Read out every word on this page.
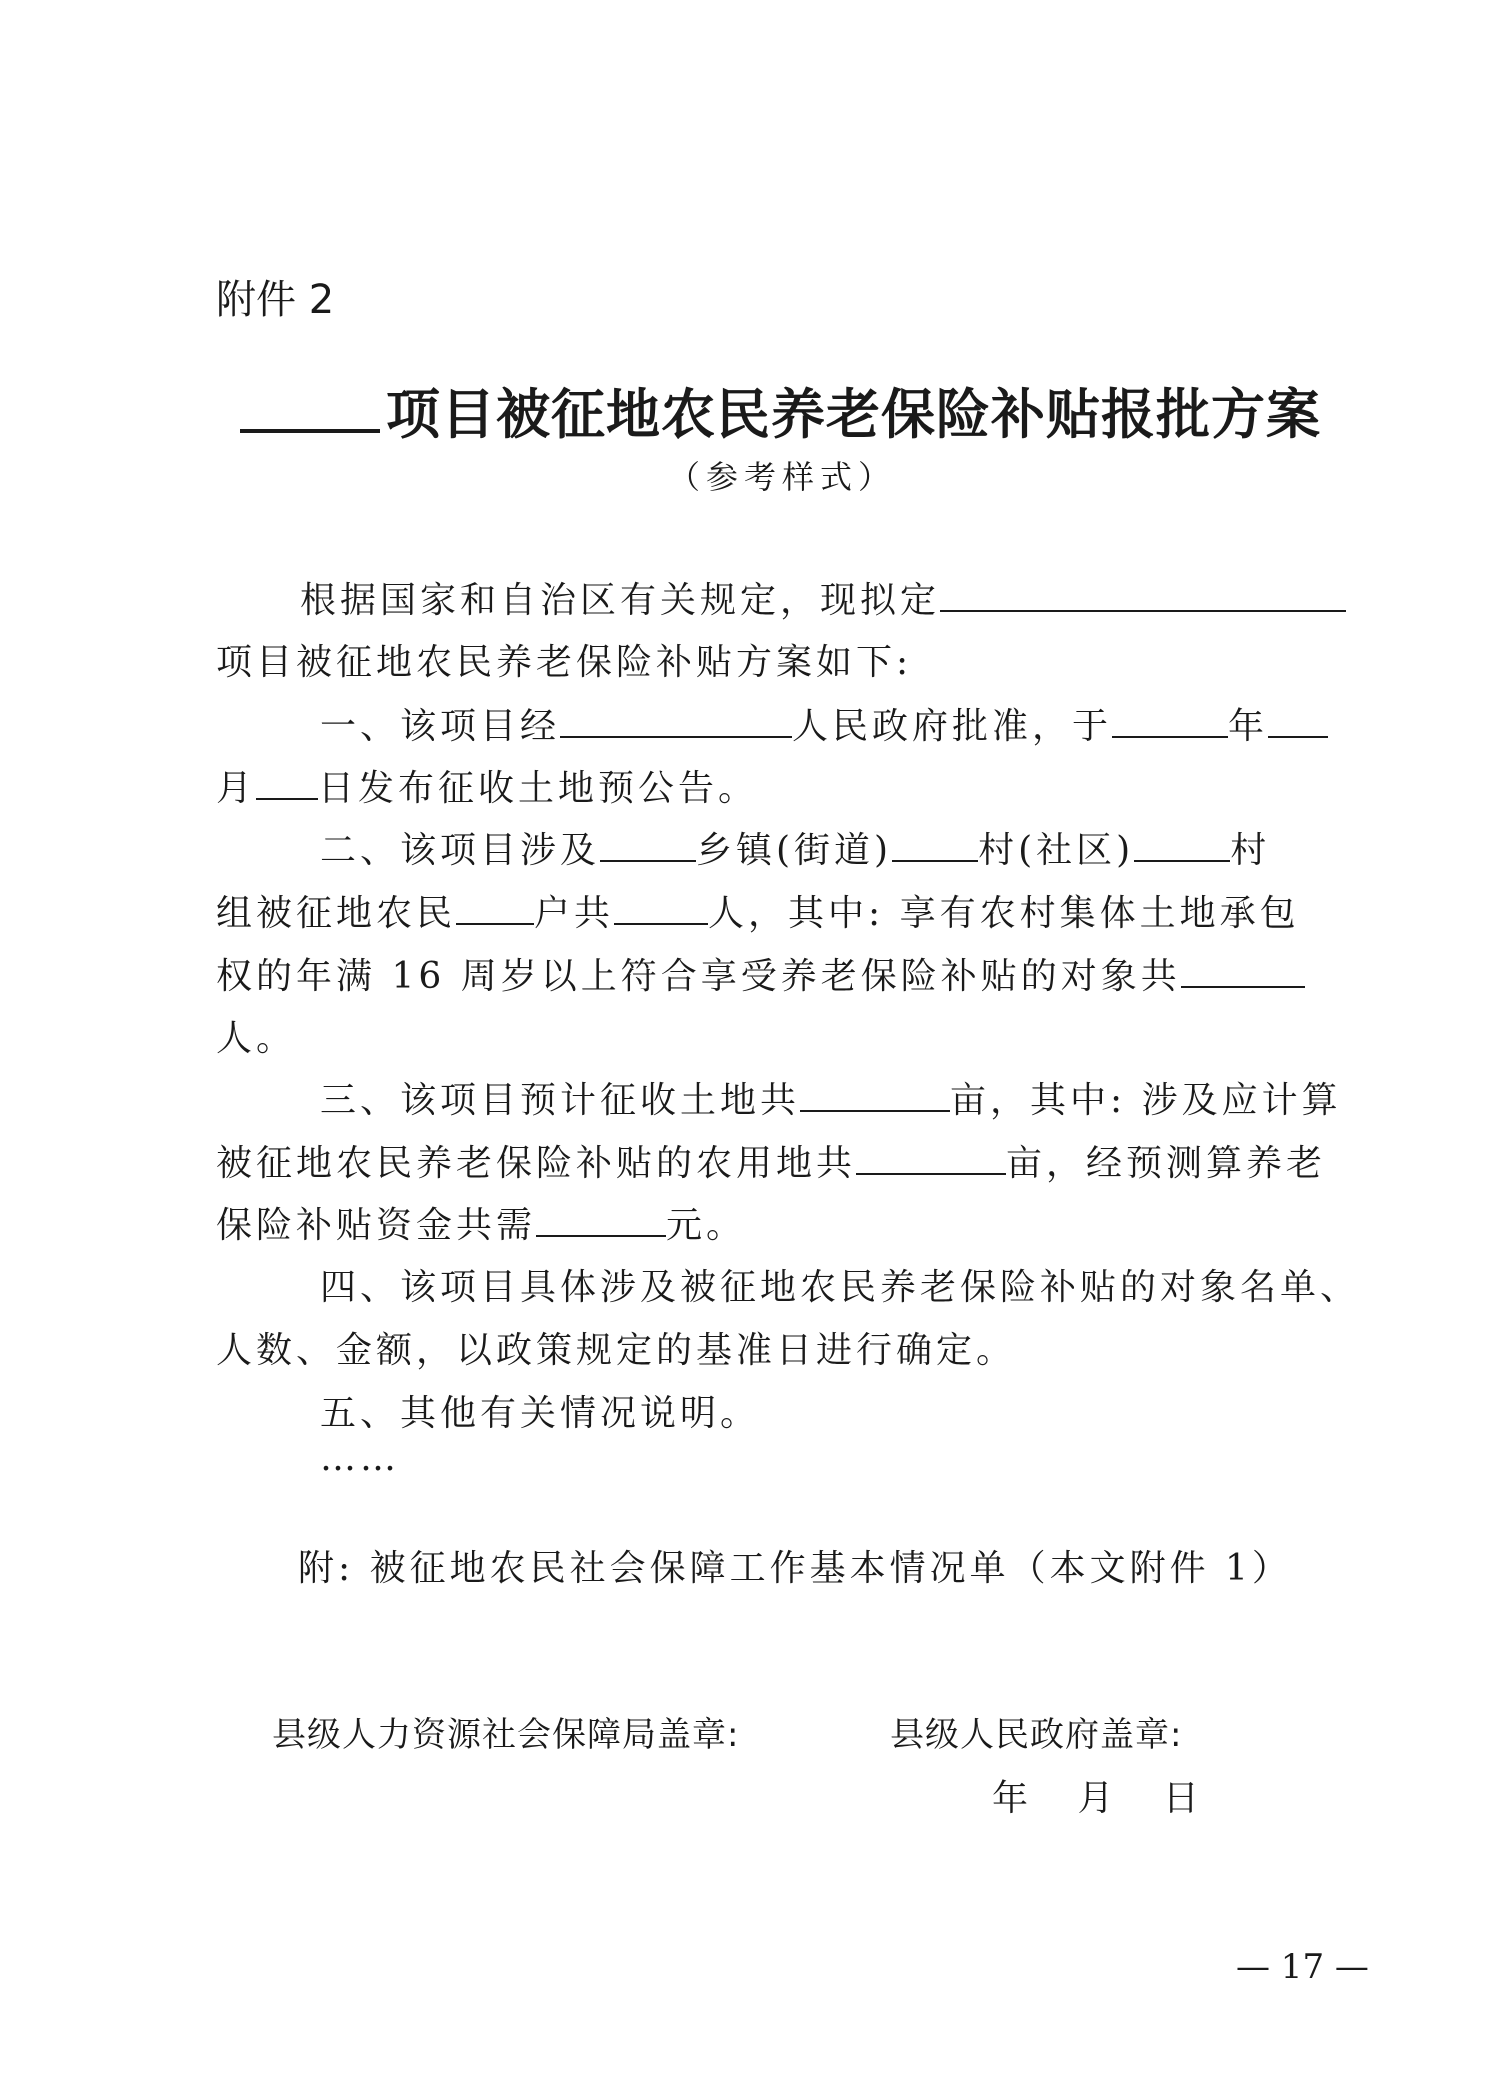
附件 2
项目被征地农民养老保险补贴报批方案
（参考样式）
根据国家和自治区有关规定，现拟定
项目被征地农民养老保险补贴方案如下:
一、该项目经	人民政府批准，于	年
月 日发布征收土地预公告。
二、该项目涉及	乡镇(街道) 村(社区)	村
组被征地农民 户共	人，其中: 享有农村集体土地承包
权的年满 16 周岁以上符合享受养老保险补贴的对象共
人。
三、该项目预计征收土地共	亩，其中: 涉及应计算
被征地农民养老保险补贴的农用地共	亩，经预测算养老
保险补贴资金共需	元。
四、该项目具体涉及被征地农民养老保险补贴的对象名单、
人数、金额，以政策规定的基准日进行确定。
五、其他有关情况说明。
……
附: 被征地农民社会保障工作基本情况单（本文附件 1）
县级人力资源社会保障局盖章:	县级人民政府盖章:
年 月 日
— 17 —
